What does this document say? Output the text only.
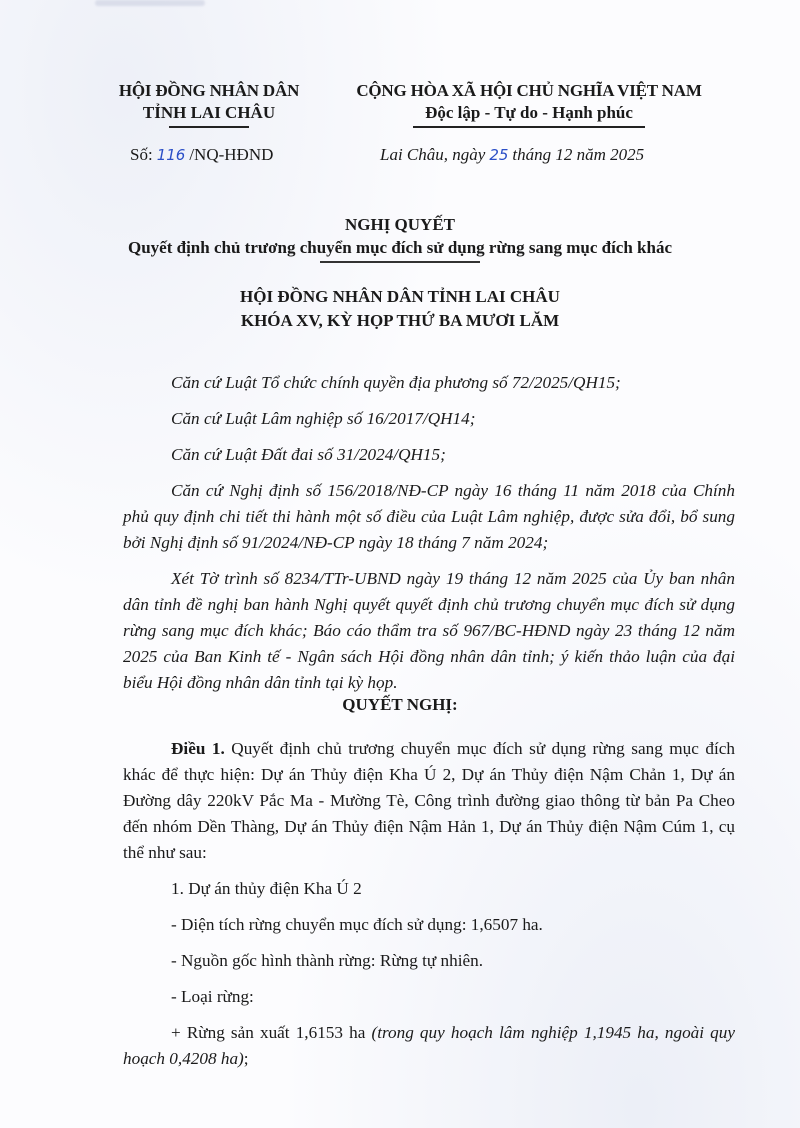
HỘI ĐỒNG NHÂN DÂN
TỈNH LAI CHÂU
CỘNG HÒA XÃ HỘI CHỦ NGHĨA VIỆT NAM
Độc lập - Tự do - Hạnh phúc
Số: 116 /NQ-HĐND	Lai Châu, ngày 25 tháng 12 năm 2025
NGHỊ QUYẾT
Quyết định chủ trương chuyển mục đích sử dụng rừng sang mục đích khác
HỘI ĐỒNG NHÂN DÂN TỈNH LAI CHÂU
KHÓA XV, KỲ HỌP THỨ BA MƯƠI LĂM

Căn cứ Luật Tổ chức chính quyền địa phương số 72/2025/QH15;

Căn cứ Luật Lâm nghiệp số 16/2017/QH14;

Căn cứ Luật Đất đai số 31/2024/QH15;

Căn cứ Nghị định số 156/2018/NĐ-CP ngày 16 tháng 11 năm 2018 của Chính phủ quy định chi tiết thi hành một số điều của Luật Lâm nghiệp, được sửa đổi, bổ sung bởi Nghị định số 91/2024/NĐ-CP ngày 18 tháng 7 năm 2024;

Xét Tờ trình số 8234/TTr-UBND ngày 19 tháng 12 năm 2025 của Ủy ban nhân dân tỉnh đề nghị ban hành Nghị quyết quyết định chủ trương chuyển mục đích sử dụng rừng sang mục đích khác; Báo cáo thẩm tra số 967/BC-HĐND ngày 23 tháng 12 năm 2025 của Ban Kinh tế - Ngân sách Hội đồng nhân dân tỉnh; ý kiến thảo luận của đại biểu Hội đồng nhân dân tỉnh tại kỳ họp.

QUYẾT NGHỊ:

Điều 1. Quyết định chủ trương chuyển mục đích sử dụng rừng sang mục đích khác để thực hiện: Dự án Thủy điện Kha Ú 2, Dự án Thủy điện Nậm Chản 1, Dự án Đường dây 220kV Pắc Ma - Mường Tè, Công trình đường giao thông từ bản Pa Cheo đến nhóm Dền Thàng, Dự án Thủy điện Nậm Hản 1, Dự án Thủy điện Nậm Cúm 1, cụ thể như sau:

1. Dự án thủy điện Kha Ú 2

- Diện tích rừng chuyển mục đích sử dụng: 1,6507 ha.

- Nguồn gốc hình thành rừng: Rừng tự nhiên.

- Loại rừng:

+ Rừng sản xuất 1,6153 ha (trong quy hoạch lâm nghiệp 1,1945 ha, ngoài quy hoạch 0,4208 ha);
